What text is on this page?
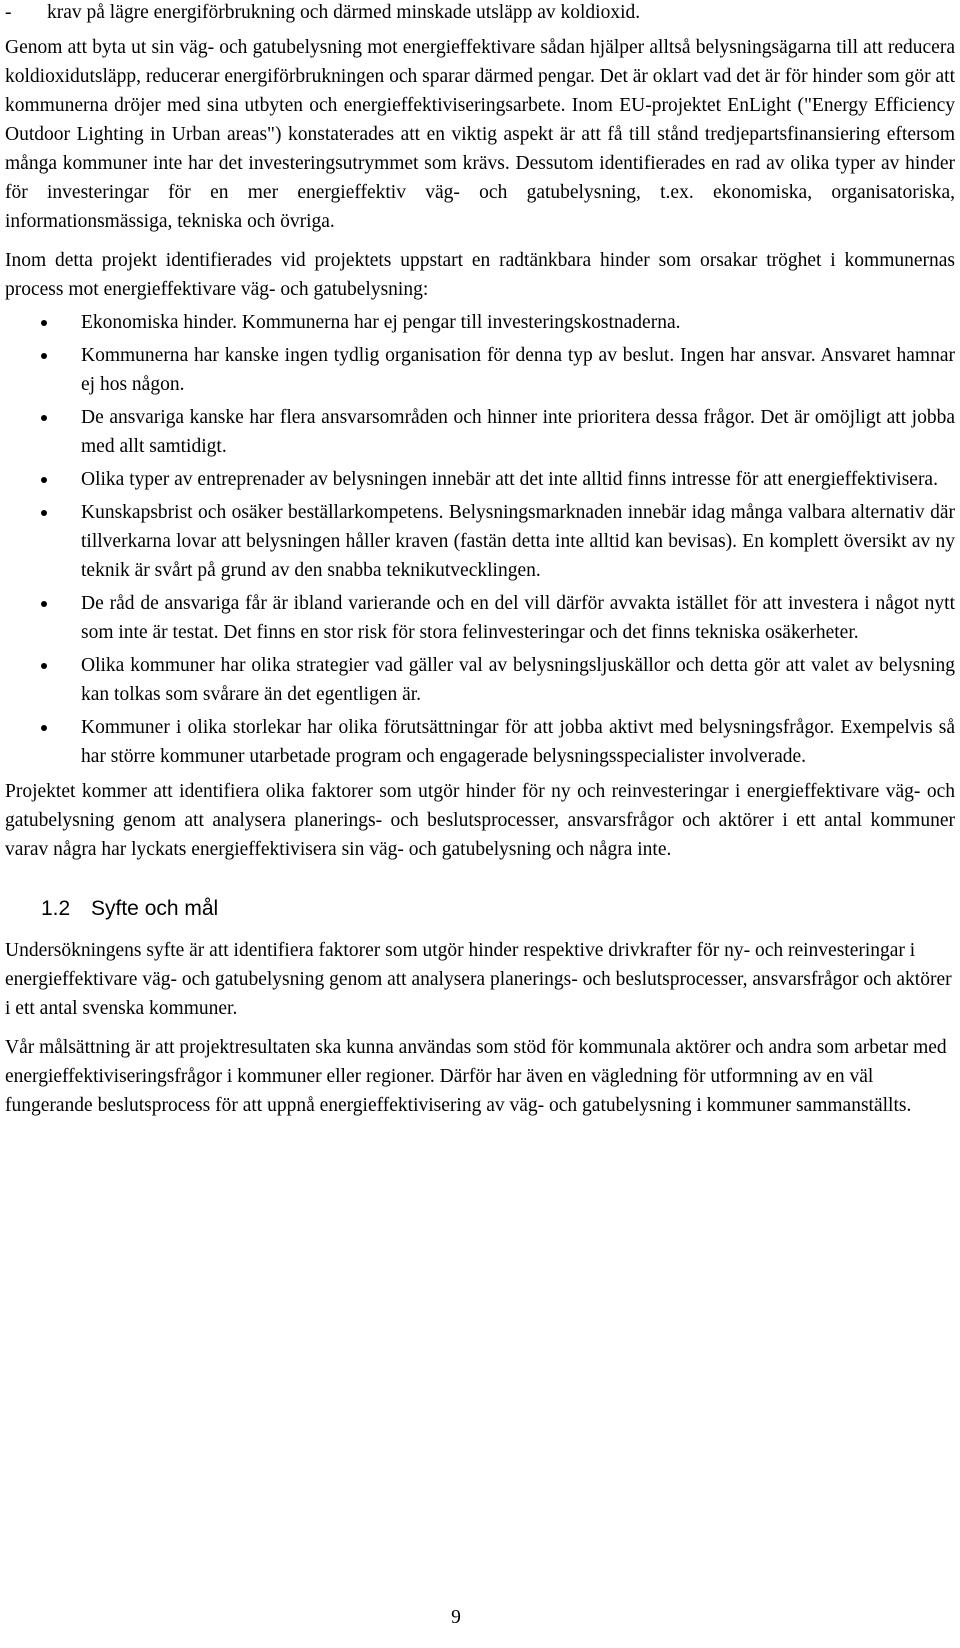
- krav på lägre energiförbrukning och därmed minskade utsläpp av koldioxid.

Genom att byta ut sin väg- och gatubelysning mot energieffektivare sådan hjälper alltså belysningsägarna till att reducera koldioxidutsläpp, reducerar energiförbrukningen och sparar därmed pengar. Det är oklart vad det är för hinder som gör att kommunerna dröjer med sina utbyten och energieffektiviseringsarbete. Inom EU-projektet EnLight ("Energy Efficiency Outdoor Lighting in Urban areas") konstaterades att en viktig aspekt är att få till stånd tredjepartsfinansiering eftersom många kommuner inte har det investeringsutrymmet som krävs. Dessutom identifierades en rad av olika typer av hinder för investeringar för en mer energieffektiv väg- och gatubelysning, t.ex. ekonomiska, organisatoriska, informationsmässiga, tekniska och övriga.

Inom detta projekt identifierades vid projektets uppstart en radtänkbara hinder som orsakar tröghet i kommunernas process mot energieffektivare väg- och gatubelysning:

Ekonomiska hinder. Kommunerna har ej pengar till investeringskostnaderna.
Kommunerna har kanske ingen tydlig organisation för denna typ av beslut. Ingen har ansvar. Ansvaret hamnar ej hos någon.
De ansvariga kanske har flera ansvarsområden och hinner inte prioritera dessa frågor. Det är omöjligt att jobba med allt samtidigt.
Olika typer av entreprenader av belysningen innebär att det inte alltid finns intresse för att energieffektivisera.
Kunskapsbrist och osäker beställarkompetens. Belysningsmarknaden innebär idag många valbara alternativ där tillverkarna lovar att belysningen håller kraven (fastän detta inte alltid kan bevisas). En komplett översikt av ny teknik är svårt på grund av den snabba teknikutvecklingen.
De råd de ansvariga får är ibland varierande och en del vill därför avvakta istället för att investera i något nytt som inte är testat. Det finns en stor risk för stora felinvesteringar och det finns tekniska osäkerheter.
Olika kommuner har olika strategier vad gäller val av belysningsljuskällor och detta gör att valet av belysning kan tolkas som svårare än det egentligen är.
Kommuner i olika storlekar har olika förutsättningar för att jobba aktivt med belysningsfrågor. Exempelvis så har större kommuner utarbetade program och engagerade belysningsspecialister involverade.

Projektet kommer att identifiera olika faktorer som utgör hinder för ny och reinvesteringar i energieffektivare väg- och gatubelysning genom att analysera planerings- och beslutsprocesser, ansvarsfrågor och aktörer i ett antal kommuner varav några har lyckats energieffektivisera sin väg- och gatubelysning och några inte.

1.2 Syfte och mål

Undersökningens syfte är att identifiera faktorer som utgör hinder respektive drivkrafter för ny- och reinvesteringar i energieffektivare väg- och gatubelysning genom att analysera planerings- och beslutsprocesser, ansvarsfrågor och aktörer i ett antal svenska kommuner.

Vår målsättning är att projektresultaten ska kunna användas som stöd för kommunala aktörer och andra som arbetar med energieffektiviseringsfrågor i kommuner eller regioner. Därför har även en vägledning för utformning av en väl fungerande beslutsprocess för att uppnå energieffektivisering av väg- och gatubelysning i kommuner sammanställts.

9
